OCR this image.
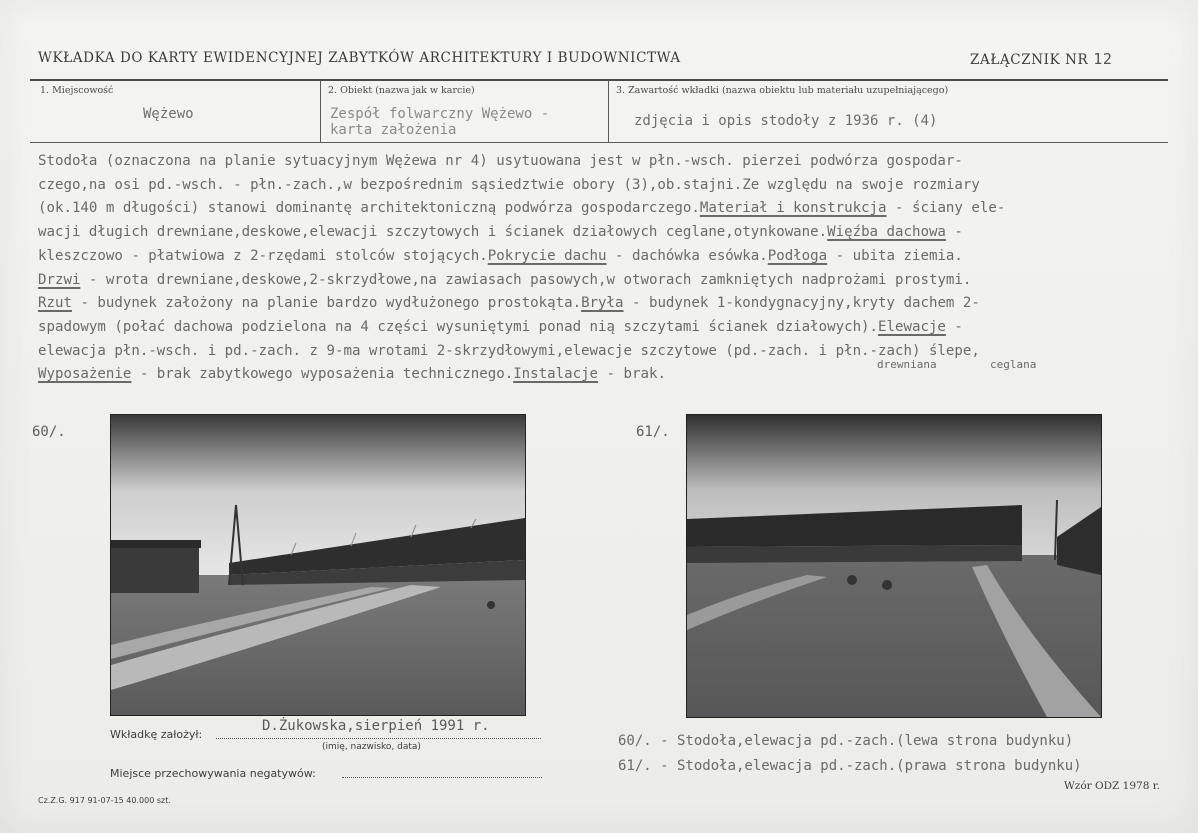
WKŁADKA DO KARTY EWIDENCYJNEJ ZABYTKÓW ARCHITEKTURY I BUDOWNICTWA	ZAŁĄCZNIK NR 12
1. Miejscowość
Wężewo
2. Obiekt (nazwa jak w karcie)
Zespół folwarczny Wężewo -
karta założenia
3. Zawartość wkładki (nazwa obiektu lub materiału uzupełniającego)
zdjęcia i opis stodoły z 1936 r. (4)
Stodoła (oznaczona na planie sytuacyjnym Wężewa nr 4) usytuowana jest w płn.-wsch. pierzei podwórza gospodar-
czego,na osi pd.-wsch. - płn.-zach.,w bezpośrednim sąsiedztwie obory (3),ob.stajni.Ze względu na swoje rozmiary
(ok.140 m długości) stanowi dominantę architektoniczną podwórza gospodarczego.Materiał i konstrukcja - ściany ele-
wacji długich drewniane,deskowe,elewacji szczytowych i ścianek działowych ceglane,otynkowane.Więźba dachowa -
kleszczowo - płatwiowa z 2-rzędami stolców stojących.Pokrycie dachu - dachówka esówka.Podłoga - ubita ziemia.
Drzwi - wrota drewniane,deskowe,2-skrzydłowe,na zawiasach pasowych,w otworach zamkniętych nadprożami prostymi.
Rzut - budynek założony na planie bardzo wydłużonego prostokąta.Bryła - budynek 1-kondygnacyjny,kryty dachem 2-
spadowym (połać dachowa podzielona na 4 części wysuniętymi ponad nią szczytami ścianek działowych).Elewacje -
elewacja płn.-wsch. i pd.-zach. z 9-ma wrotami 2-skrzydłowymi,elewacje szczytowe (pd.-zach. i płn.-zach) ślepe,
Wyposażenie - brak zabytkowego wyposażenia technicznego.Instalacje - brak.
drewniana	ceglana
60/.	61/.
Wkładkę założył:
D.Żukowska,sierpień 1991 r.
(imię, nazwisko, data)
Miejsce przechowywania negatywów:
60/. - Stodoła,elewacja pd.-zach.(lewa strona budynku)
61/. - Stodoła,elewacja pd.-zach.(prawa strona budynku)
Cz.Z.G. 917 91-07-15 40.000 szt.
Wzór ODZ 1978 r.
